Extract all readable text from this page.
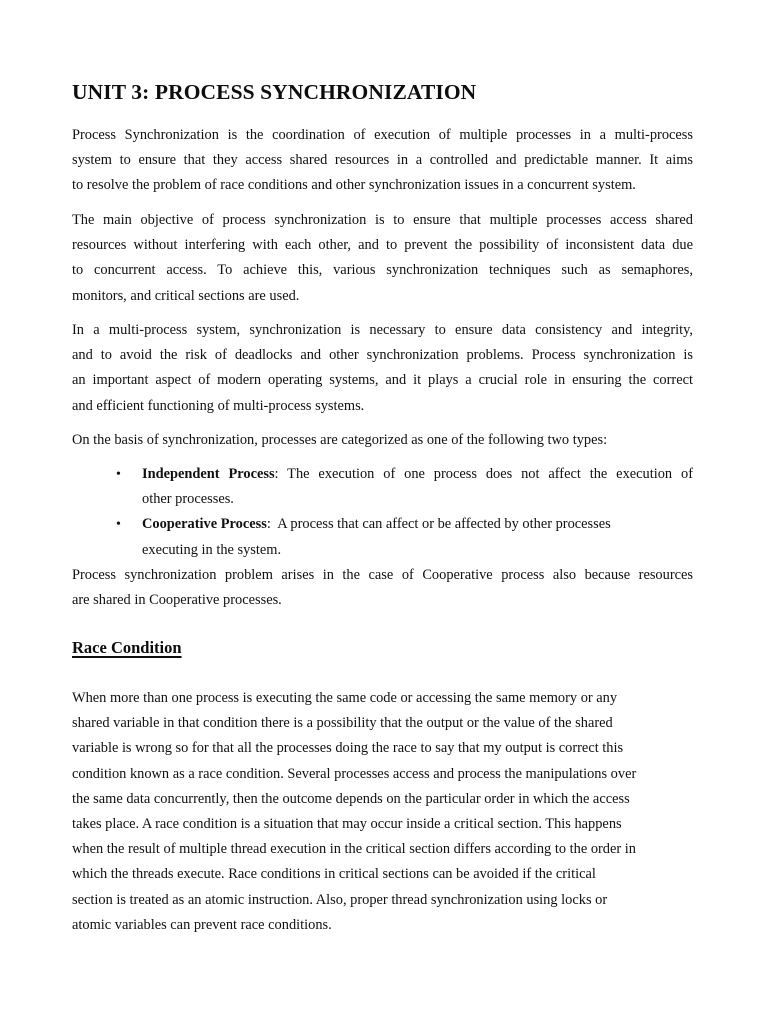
UNIT 3: PROCESS SYNCHRONIZATION

Process Synchronization is the coordination of execution of multiple processes in a multi-process
system to ensure that they access shared resources in a controlled and predictable manner. It aims
to resolve the problem of race conditions and other synchronization issues in a concurrent system.

The main objective of process synchronization is to ensure that multiple processes access shared
resources without interfering with each other, and to prevent the possibility of inconsistent data due
to concurrent access. To achieve this, various synchronization techniques such as semaphores,
monitors, and critical sections are used.

In a multi-process system, synchronization is necessary to ensure data consistency and integrity,
and to avoid the risk of deadlocks and other synchronization problems. Process synchronization is
an important aspect of modern operating systems, and it plays a crucial role in ensuring the correct
and efficient functioning of multi-process systems.

On the basis of synchronization, processes are categorized as one of the following two types:

• Independent Process: The execution of one process does not affect the execution of
other processes.
• Cooperative Process:  A process that can affect or be affected by other processes
executing in the system.

Process synchronization problem arises in the case of Cooperative process also because resources
are shared in Cooperative processes.

Race Condition

When more than one process is executing the same code or accessing the same memory or any
shared variable in that condition there is a possibility that the output or the value of the shared
variable is wrong so for that all the processes doing the race to say that my output is correct this
condition known as a race condition. Several processes access and process the manipulations over
the same data concurrently, then the outcome depends on the particular order in which the access
takes place. A race condition is a situation that may occur inside a critical section. This happens
when the result of multiple thread execution in the critical section differs according to the order in
which the threads execute. Race conditions in critical sections can be avoided if the critical
section is treated as an atomic instruction. Also, proper thread synchronization using locks or
atomic variables can prevent race conditions.
